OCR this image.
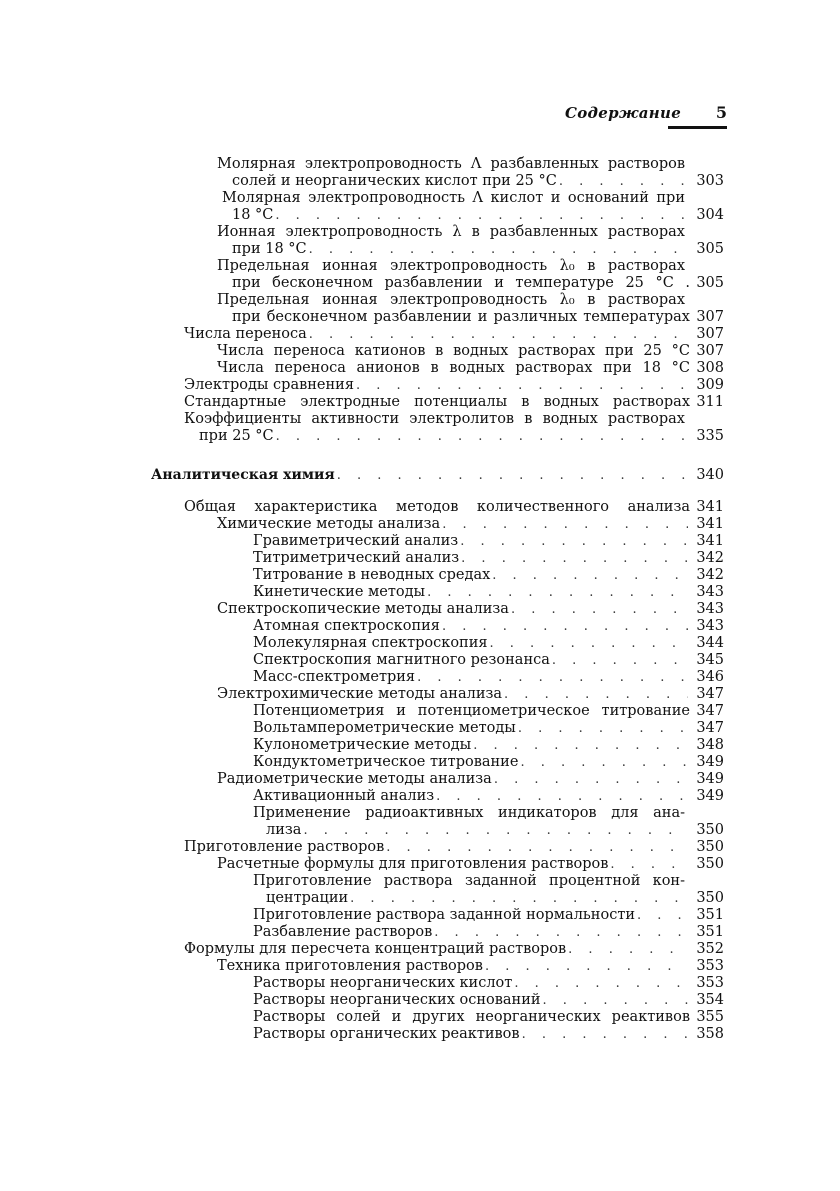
Содержание 5
Молярная электропроводность Λ разбавленных растворов
солей и неорганических кислот при 25 °С . . .	303
Молярная электропроводность Λ кислот и оснований при
18 °С . . .	304
Ионная электропроводность λ в разбавленных растворах
при 18 °С . . .	305
Предельная ионная электропроводность λ₀ в растворах
при бесконечном разбавлении и температуре 25 °С . 305
Предельная ионная электропроводность λ₀ в растворах
при бесконечном разбавлении и различных температурах 307
Числа переноса . . .	307
Числа переноса катионов в водных растворах при 25 °С 307
Числа переноса анионов в водных растворах при 18 °С 308
Электроды сравнения . . .	309
Стандартные электродные потенциалы в водных растворах 311
Коэффициенты активности электролитов в водных растворах
при 25 °С . . .	335
Аналитическая химия . . .	340
Общая характеристика методов количественного анализа 341
Химические методы анализа . . .	341
Гравиметрический анализ . . .	341
Титриметрический анализ . . .	342
Титрование в неводных средах . . .	342
Кинетические методы . . .	343
Спектроскопические методы анализа . . .	343
Атомная спектроскопия . . .	343
Молекулярная спектроскопия . . .	344
Спектроскопия магнитного резонанса . . .	345
Масс-спектрометрия . . .	346
Электрохимические методы анализа . . .	347
Потенциометрия и потенциометрическое титрование 347
Вольтамперометрические методы . . .	347
Кулонометрические методы . . .	348
Кондуктометрическое титрование . . .	349
Радиометрические методы анализа . . .	349
Активационный анализ . . .	349
Применение радиоактивных индикаторов для ана-
лиза . . .	350
Приготовление растворов . . .	350
Расчетные формулы для приготовления растворов . . .	350
Приготовление раствора заданной процентной кон-
центрации . . .	350
Приготовление раствора заданной нормальности . . .	351
Разбавление растворов . . .	351
Формулы для пересчета концентраций растворов . . .	352
Техника приготовления растворов . . .	353
Растворы неорганических кислот . . .	353
Растворы неорганических оснований . . .	354
Растворы солей и других неорганических реактивов 355
Растворы органических реактивов . . .	358
